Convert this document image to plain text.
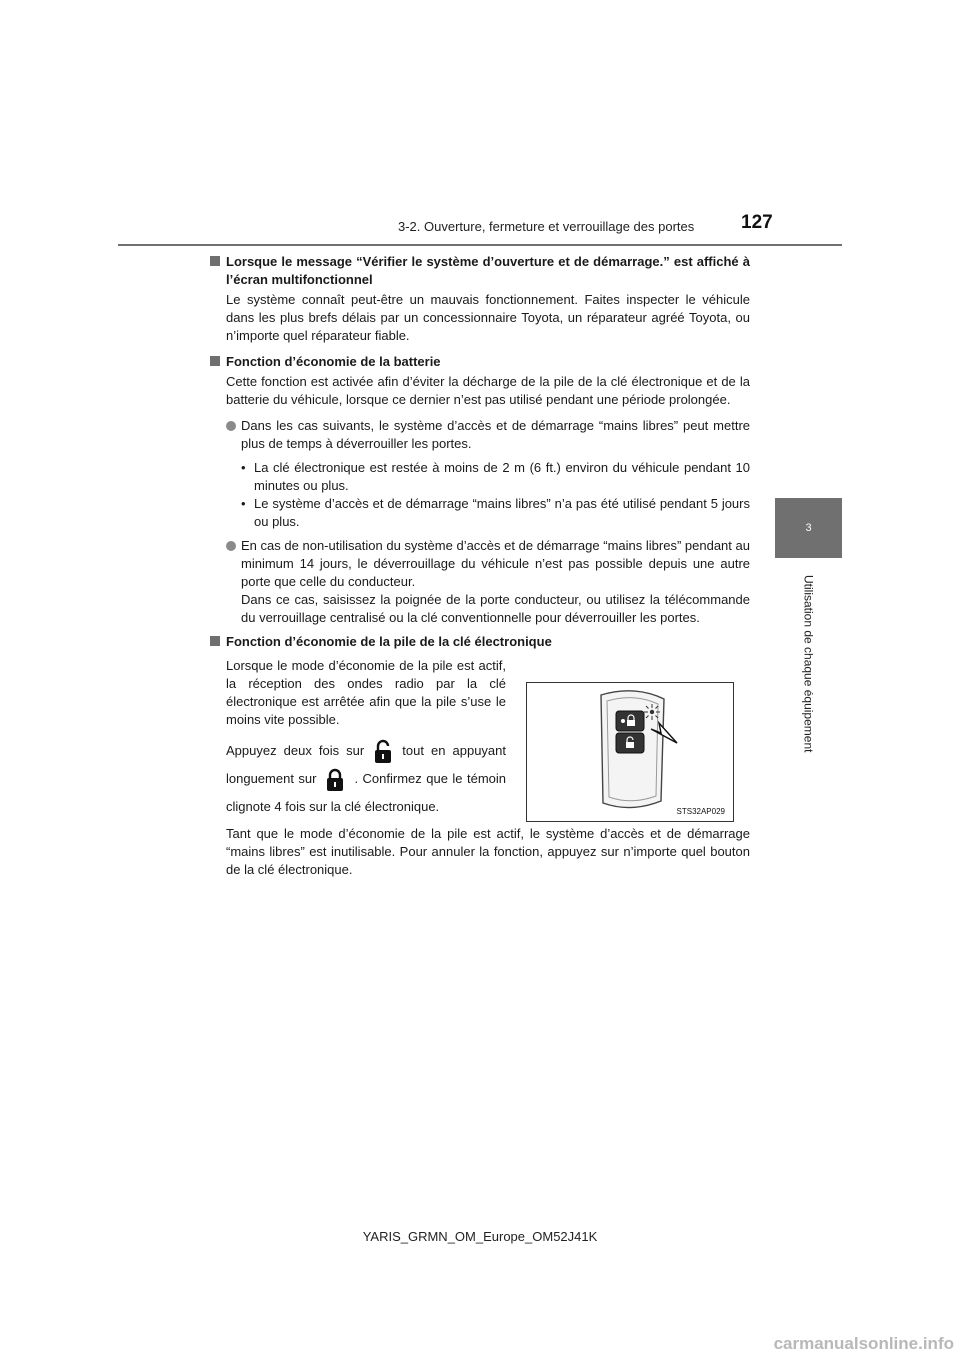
3-2. Ouverture, fermeture et verrouillage des portes 127
3
Utilisation de chaque équipement
Lorsque le message “Vérifier le système d’ouverture et de démarrage.” est affiché à l’écran multifonctionnel
Le système connaît peut-être un mauvais fonctionnement. Faites inspecter le véhicule dans les plus brefs délais par un concessionnaire Toyota, un réparateur agréé Toyota, ou n’importe quel réparateur fiable.
Fonction d’économie de la batterie
Cette fonction est activée afin d’éviter la décharge de la pile de la clé électronique et de la batterie du véhicule, lorsque ce dernier n’est pas utilisé pendant une période prolongée.
Dans les cas suivants, le système d’accès et de démarrage “mains libres” peut mettre plus de temps à déverrouiller les portes.
• La clé électronique est restée à moins de 2 m (6 ft.) environ du véhicule pendant 10 minutes ou plus.
• Le système d’accès et de démarrage “mains libres” n’a pas été utilisé pendant 5 jours ou plus.
En cas de non-utilisation du système d’accès et de démarrage “mains libres” pendant au minimum 14 jours, le déverrouillage du véhicule n’est pas possible depuis une autre porte que celle du conducteur.
Dans ce cas, saisissez la poignée de la porte conducteur, ou utilisez la télécommande du verrouillage centralisé ou la clé conventionnelle pour déverrouiller les portes.
Fonction d’économie de la pile de la clé électronique

Lorsque le mode d’économie de la pile est actif, la réception des ondes radio par la clé électronique est arrêtée afin que la pile s’use le moins vite possible.

Appuyez deux fois sur	tout en appuyant longuement sur	. Confirmez que le témoin clignote 4 fois sur la clé électronique.

Tant que le mode d’économie de la pile est actif, le système d’accès et de démarrage “mains libres” est inutilisable. Pour annuler la fonction, appuyez sur n’importe quel bouton de la clé électronique.
STS32AP029
YARIS_GRMN_OM_Europe_OM52J41K
carmanualsonline.info
